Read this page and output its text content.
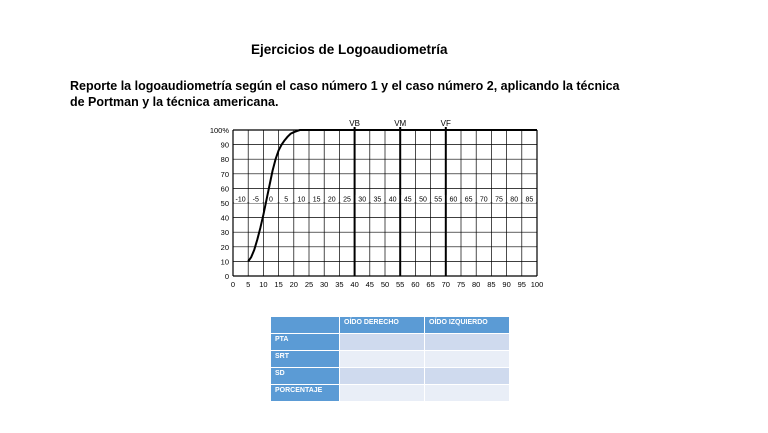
Ejercicios de Logoaudiometría
Reporte la logoaudiometría según el caso número 1 y el caso número 2, aplicando la técnica de Portman y la técnica americana.
VB	VM	VF
100%
90
80
70
60
50
40
30
20
10
0
0 5 10 15 20 25 30 35 40 45 50 55 60 65 70 75 80 85 90 95 100
-10 -5 0 5 10 15 20 25 30 35 40 45 50 55 60 65 70 75 80 85
	OÍDO DERECHO	OÍDO IZQUIERDO
PTA		
SRT		
SD		
PORCENTAJE		
